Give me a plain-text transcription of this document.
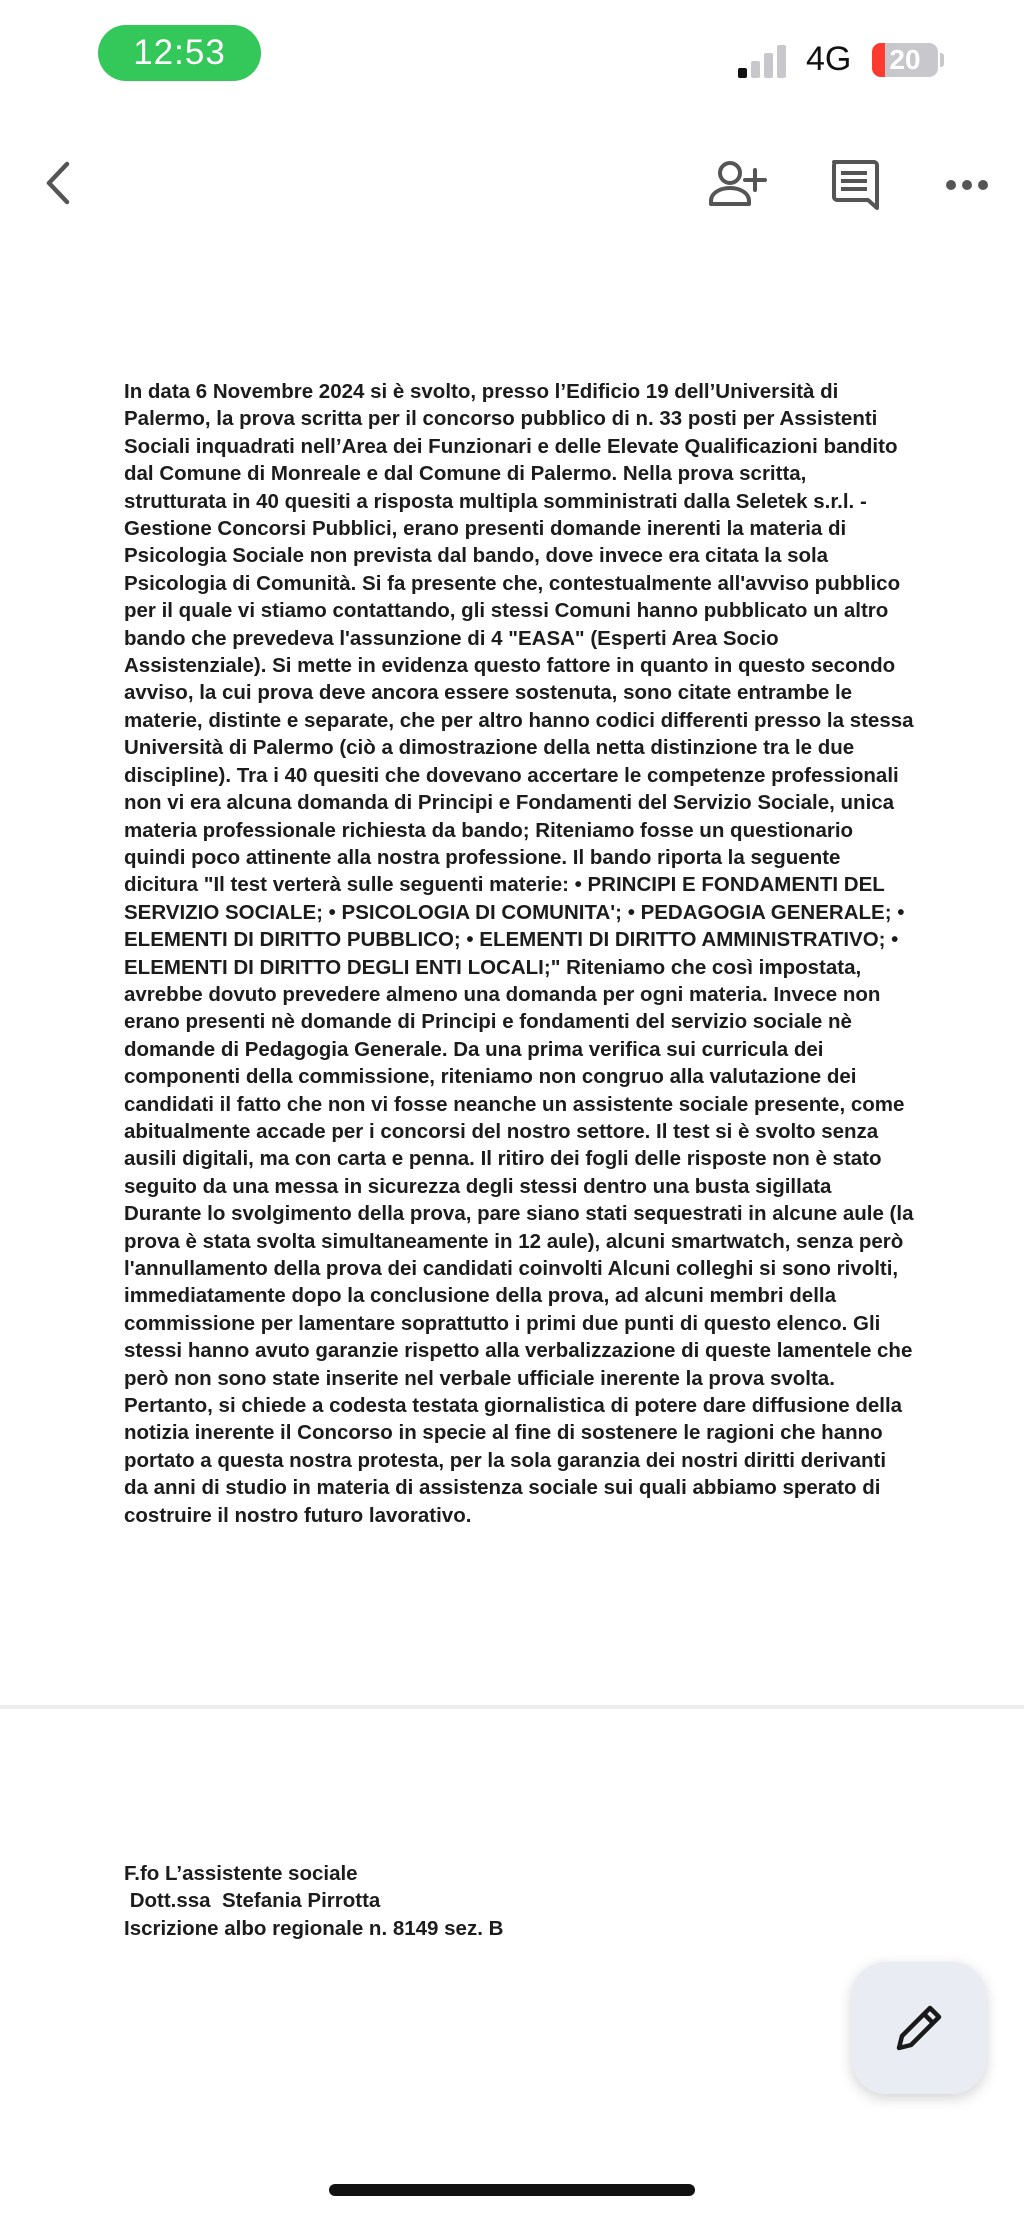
12:53	4G	20

In data 6 Novembre 2024 si è svolto, presso l’Edificio 19 dell’Università di Palermo, la prova scritta per il concorso pubblico di n. 33 posti per Assistenti Sociali inquadrati nell’Area dei Funzionari e delle Elevate Qualificazioni bandito dal Comune di Monreale e dal Comune di Palermo. Nella prova scritta, strutturata in 40 quesiti a risposta multipla somministrati dalla Seletek s.r.l. - Gestione Concorsi Pubblici, erano presenti domande inerenti la materia di Psicologia Sociale non prevista dal bando, dove invece era citata la sola Psicologia di Comunità. Si fa presente che, contestualmente all'avviso pubblico per il quale vi stiamo contattando, gli stessi Comuni hanno pubblicato un altro bando che prevedeva l'assunzione di 4 "EASA" (Esperti Area Socio Assistenziale). Si mette in evidenza questo fattore in quanto in questo secondo avviso, la cui prova deve ancora essere sostenuta, sono citate entrambe le materie, distinte e separate, che per altro hanno codici differenti presso la stessa Università di Palermo (ciò a dimostrazione della netta distinzione tra le due discipline). Tra i 40 quesiti che dovevano accertare le competenze professionali non vi era alcuna domanda di Principi e Fondamenti del Servizio Sociale, unica materia professionale richiesta da bando; Riteniamo fosse un questionario quindi poco attinente alla nostra professione. Il bando riporta la seguente dicitura "Il test verterà sulle seguenti materie: • PRINCIPI E FONDAMENTI DEL SERVIZIO SOCIALE; • PSICOLOGIA DI COMUNITA'; • PEDAGOGIA GENERALE; • ELEMENTI DI DIRITTO PUBBLICO; • ELEMENTI DI DIRITTO AMMINISTRATIVO; • ELEMENTI DI DIRITTO DEGLI ENTI LOCALI;" Riteniamo che così impostata, avrebbe dovuto prevedere almeno una domanda per ogni materia. Invece non erano presenti nè domande di Principi e fondamenti del servizio sociale nè domande di Pedagogia Generale. Da una prima verifica sui curricula dei componenti della commissione, riteniamo non congruo alla valutazione dei candidati il fatto che non vi fosse neanche un assistente sociale presente, come abitualmente accade per i concorsi del nostro settore. Il test si è svolto senza ausili digitali, ma con carta e penna. Il ritiro dei fogli delle risposte non è stato seguito da una messa in sicurezza degli stessi dentro una busta sigillata Durante lo svolgimento della prova, pare siano stati sequestrati in alcune aule (la prova è stata svolta simultaneamente in 12 aule), alcuni smartwatch, senza però l'annullamento della prova dei candidati coinvolti Alcuni colleghi si sono rivolti, immediatamente dopo la conclusione della prova, ad alcuni membri della commissione per lamentare soprattutto i primi due punti di questo elenco. Gli stessi hanno avuto garanzie rispetto alla verbalizzazione di queste lamentele che però non sono state inserite nel verbale ufficiale inerente la prova svolta. Pertanto, si chiede a codesta testata giornalistica di potere dare diffusione della notizia inerente il Concorso in specie al fine di sostenere le ragioni che hanno portato a questa nostra protesta, per la sola garanzia dei nostri diritti derivanti da anni di studio in materia di assistenza sociale sui quali abbiamo sperato di costruire il nostro futuro lavorativo.

F.fo L’assistente sociale
Dott.ssa  Stefania Pirrotta
Iscrizione albo regionale n. 8149 sez. B
